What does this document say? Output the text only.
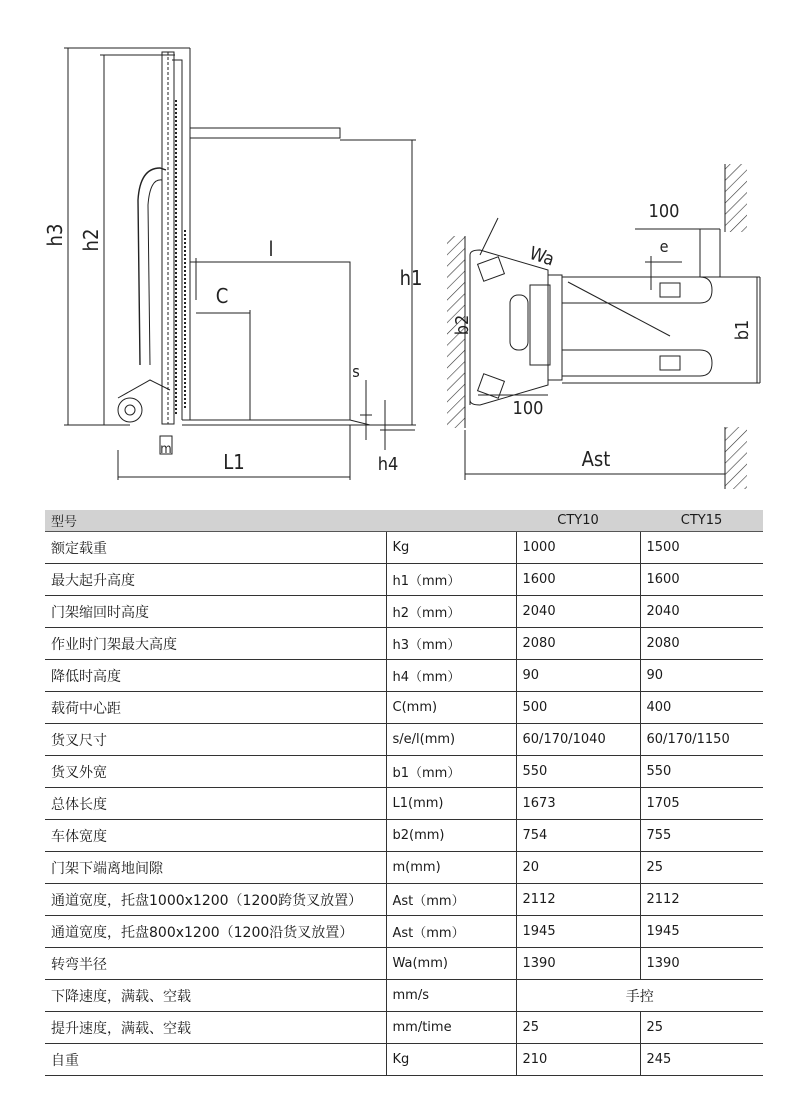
h3 h2
h1
l
C
s
m
L1	h4
Wa
b2
100
e
b1
100
Ast
型号		CTY10	CTY15
额定载重	Kg	1000	1500
最大起升高度	h1（mm）	1600	1600
门架缩回时高度	h2（mm）	2040	2040
作业时门架最大高度	h3（mm）	2080	2080
降低时高度	h4（mm）	90	90
载荷中心距	C(mm)	500	400
货叉尺寸	s/e/l(mm)	60/170/1040	60/170/1150
货叉外宽	b1（mm）	550	550
总体长度	L1(mm)	1673	1705
车体宽度	b2(mm)	754	755
门架下端离地间隙	m(mm)	20	25
通道宽度，托盘1000x1200（1200跨货叉放置）	Ast（mm）	2112	2112
通道宽度，托盘800x1200（1200沿货叉放置）	Ast（mm）	1945	1945
转弯半径	Wa(mm)	1390	1390
下降速度，满载、空载	mm/s	手控	
提升速度，满载、空载	mm/time	25	25
自重	Kg	210	245
